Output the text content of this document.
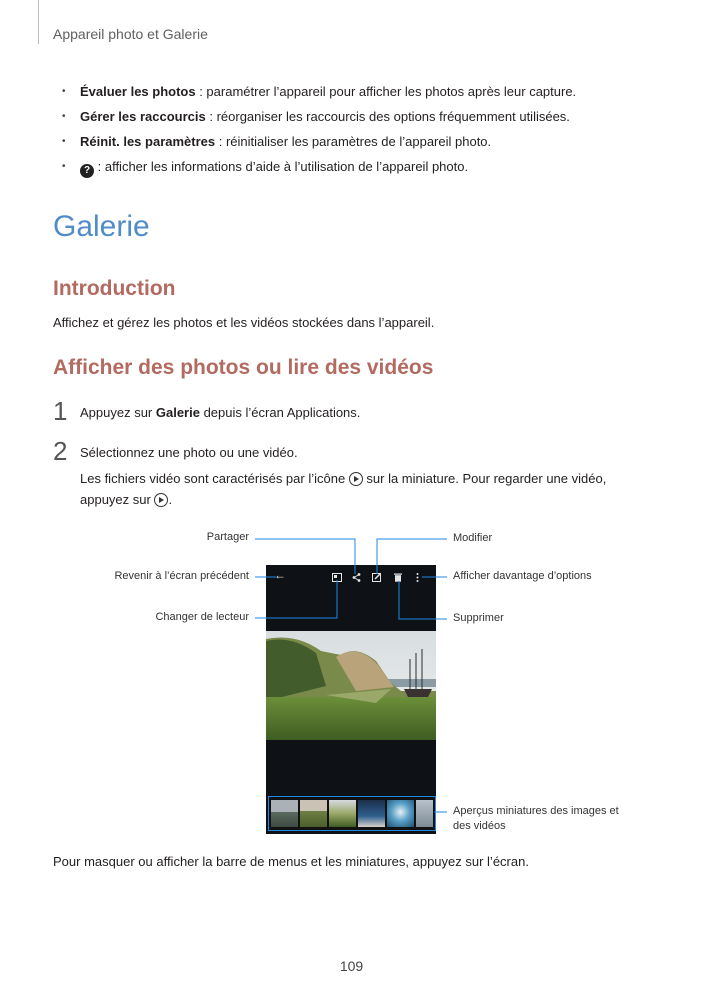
Appareil photo et Galerie
• Évaluer les photos : paramétrer l’appareil pour afficher les photos après leur capture.
• Gérer les raccourcis : réorganiser les raccourcis des options fréquemment utilisées.
• Réinit. les paramètres : réinitialiser les paramètres de l’appareil photo.
• ? : afficher les informations d’aide à l’utilisation de l’appareil photo.
Galerie
Introduction
Affichez et gérez les photos et les vidéos stockées dans l’appareil.
Afficher des photos ou lire des vidéos
1 Appuyez sur Galerie depuis l’écran Applications.
2 Sélectionnez une photo ou une vidéo.
Les fichiers vidéo sont caractérisés par l’icône  sur la miniature. Pour regarder une vidéo,
appuyez sur .
Partager
Revenir à l’écran précédent
Changer de lecteur
Modifier
Afficher davantage d’options
Supprimer
Aperçus miniatures des images et
des vidéos
←
Pour masquer ou afficher la barre de menus et les miniatures, appuyez sur l’écran.
109
